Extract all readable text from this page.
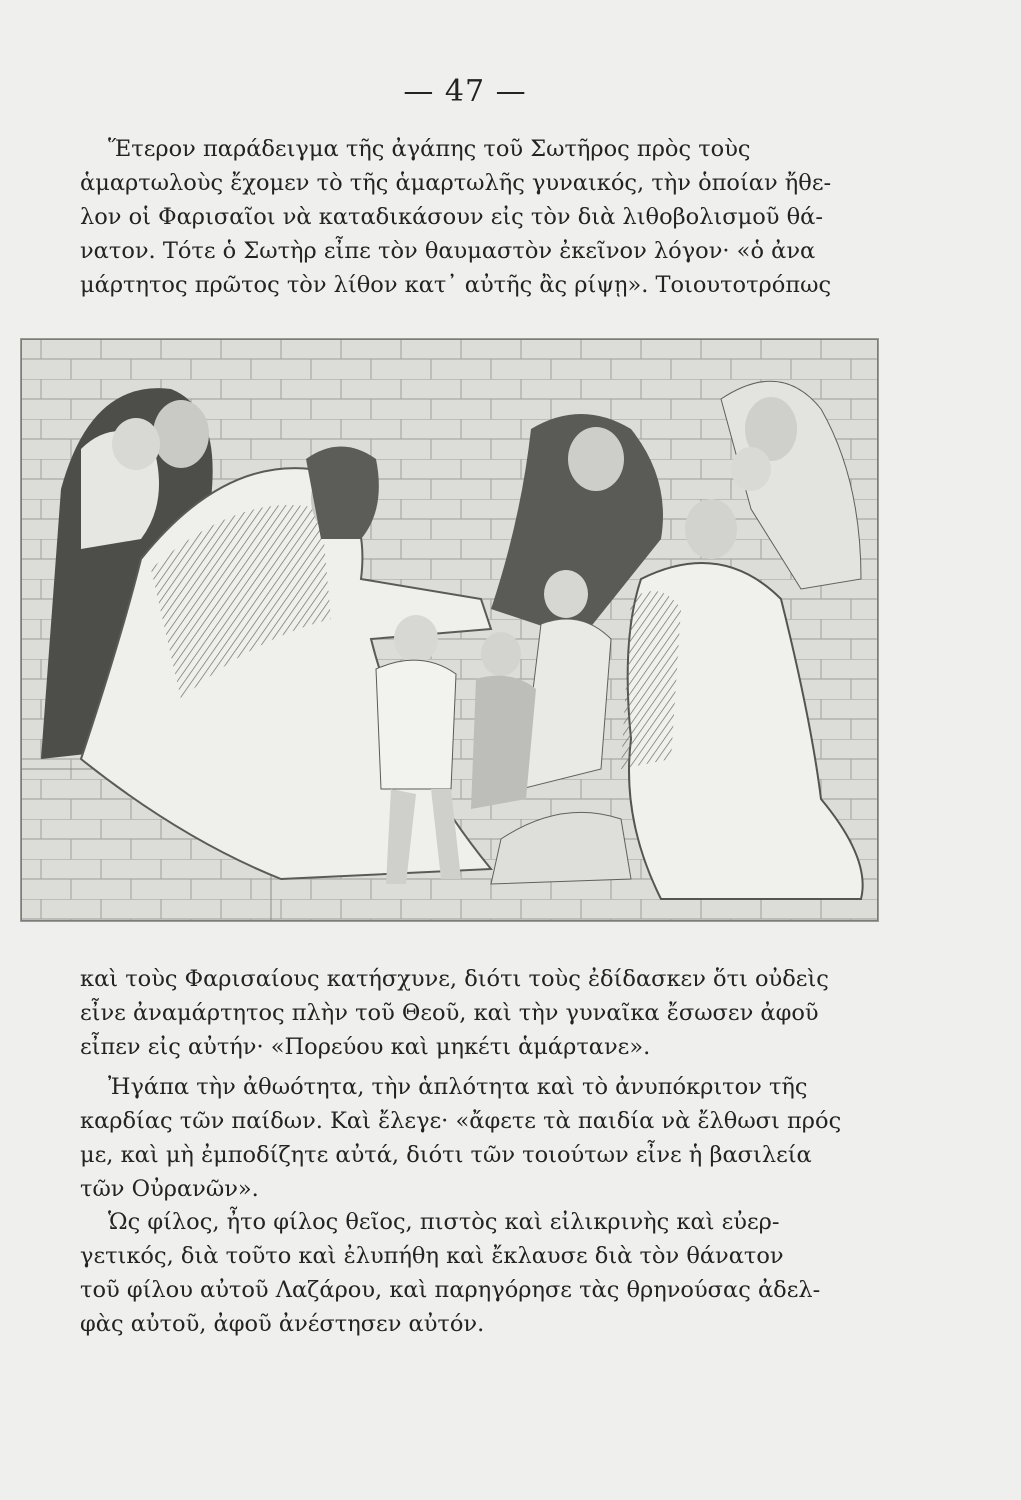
— 47 —
Ἕτερον παράδειγμα τῆς ἀγάπης τοῦ Σωτῆρος πρὸς τοὺς
ἁμαρτωλοὺς ἔχομεν τὸ τῆς ἁμαρτωλῆς γυναικός, τὴν ὁποίαν ἤθε-
λον οἱ Φαρισαῖοι νὰ καταδικάσουν εἰς τὸν διὰ λιθοβολισμοῦ θά-
νατον. Τότε ὁ Σωτὴρ εἶπε τὸν θαυμαστὸν ἐκεῖνον λόγον· «ὁ ἀνα
μάρτητος πρῶτος τὸν λίθον κατ᾽ αὐτῆς ἂς ρίψῃ». Τοιουτοτρόπως
καὶ τοὺς Φαρισαίους κατήσχυνε, διότι τοὺς ἐδίδασκεν ὅτι οὐδεὶς
εἶνε ἀναμάρτητος πλὴν τοῦ Θεοῦ, καὶ τὴν γυναῖκα ἔσωσεν ἀφοῦ
εἶπεν εἰς αὐτήν· «Πορεύου καὶ μηκέτι ἁμάρτανε».
Ἠγάπα τὴν ἀθωότητα, τὴν ἁπλότητα καὶ τὸ ἀνυπόκριτον τῆς
καρδίας τῶν παίδων. Καὶ ἔλεγε· «ἄφετε τὰ παιδία νὰ ἔλθωσι πρός
με, καὶ μὴ ἐμποδίζητε αὐτά, διότι τῶν τοιούτων εἶνε ἡ βασιλεία
τῶν Οὐρανῶν».
Ὡς φίλος, ἦτο φίλος θεῖος, πιστὸς καὶ εἰλικρινὴς καὶ εὐερ-
γετικός, διὰ τοῦτο καὶ ἐλυπήθη καὶ ἔκλαυσε διὰ τὸν θάνατον
τοῦ φίλου αὐτοῦ Λαζάρου, καὶ παρηγόρησε τὰς θρηνούσας ἀδελ-
φὰς αὐτοῦ, ἀφοῦ ἀνέστησεν αὐτόν.
